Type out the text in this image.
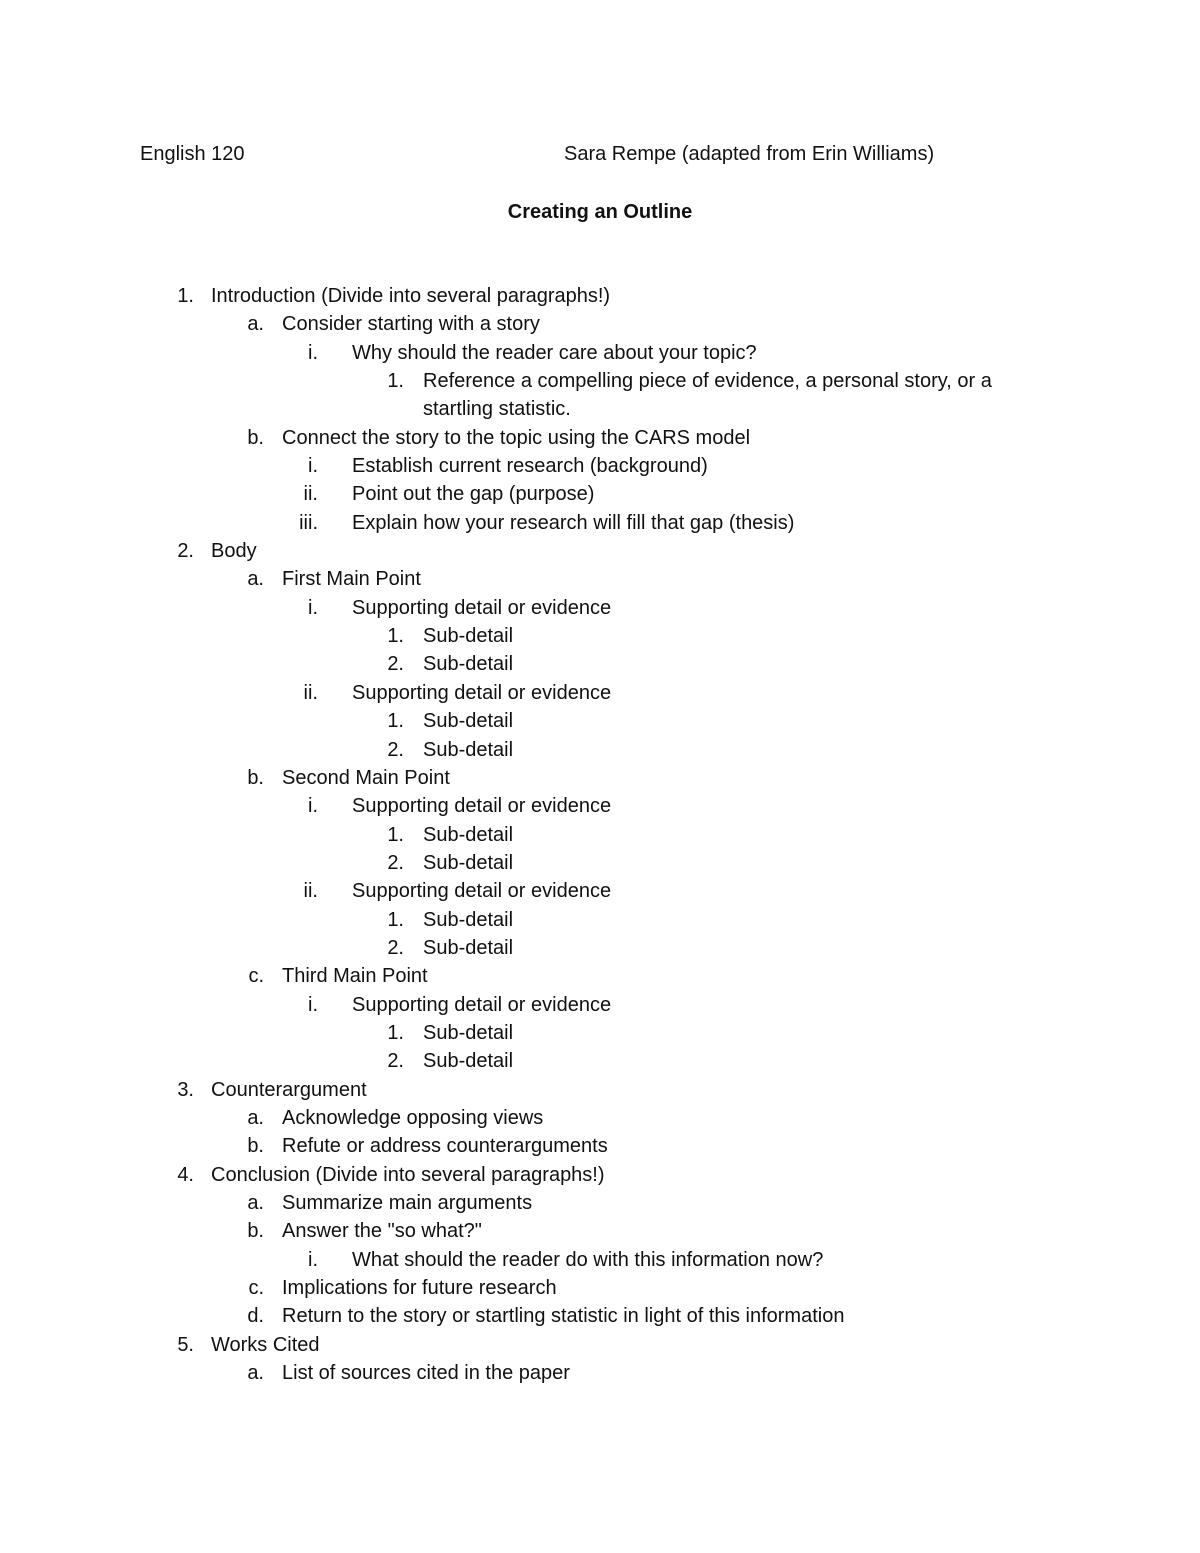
English 120	Sara Rempe (adapted from Erin Williams)
Creating an Outline
1. Introduction (Divide into several paragraphs!)
a. Consider starting with a story
i. Why should the reader care about your topic?
1. Reference a compelling piece of evidence, a personal story, or a startling statistic.
b. Connect the story to the topic using the CARS model
i. Establish current research (background)
ii. Point out the gap (purpose)
iii. Explain how your research will fill that gap (thesis)
2. Body
a. First Main Point
i. Supporting detail or evidence
1. Sub-detail
2. Sub-detail
ii. Supporting detail or evidence
1. Sub-detail
2. Sub-detail
b. Second Main Point
i. Supporting detail or evidence
1. Sub-detail
2. Sub-detail
ii. Supporting detail or evidence
1. Sub-detail
2. Sub-detail
c. Third Main Point
i. Supporting detail or evidence
1. Sub-detail
2. Sub-detail
3. Counterargument
a. Acknowledge opposing views
b. Refute or address counterarguments
4. Conclusion (Divide into several paragraphs!)
a. Summarize main arguments
b. Answer the "so what?"
i. What should the reader do with this information now?
c. Implications for future research
d. Return to the story or startling statistic in light of this information
5. Works Cited
a. List of sources cited in the paper
